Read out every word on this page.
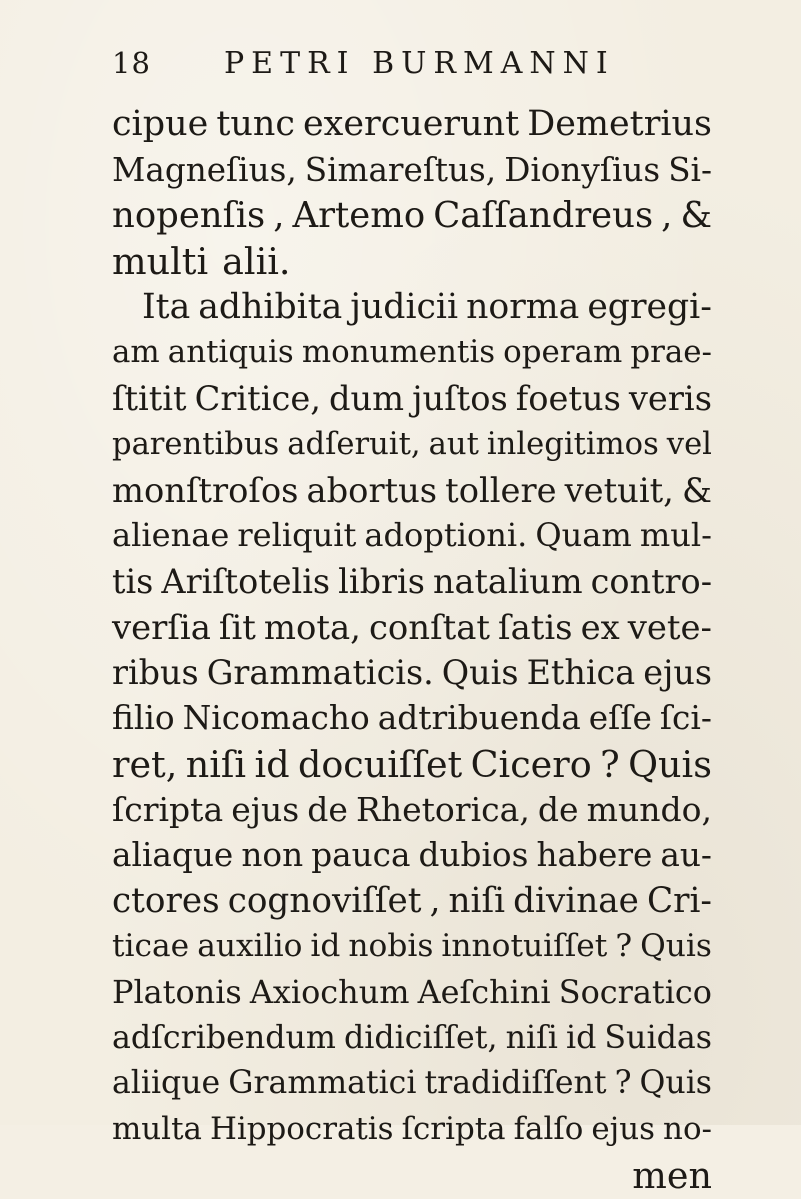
18 PETRI BURMANNI
cipue tunc exercuerunt Demetrius
Magneſius, Simareſtus, Dionyſius Si-
nopenſis , Artemo Caſſandreus , &
multi alii.
Ita adhibita judicii norma egregi-
am antiquis monumentis operam prae-
ſtitit Critice, dum juſtos foetus veris
parentibus adſeruit, aut inlegitimos vel
monſtroſos abortus tollere vetuit, &
alienae reliquit adoptioni. Quam mul-
tis Ariſtotelis libris natalium contro-
verſia ſit mota, conſtat ſatis ex vete-
ribus Grammaticis. Quis Ethica ejus
filio Nicomacho adtribuenda eſſe ſci-
ret, niſi id docuiſſet Cicero ? Quis
ſcripta ejus de Rhetorica, de mundo,
aliaque non pauca dubios habere au-
ctores cognoviſſet , niſi divinae Cri-
ticae auxilio id nobis innotuiſſet ? Quis
Platonis Axiochum Aeſchini Socratico
adſcribendum didiciſſet, niſi id Suidas
aliique Grammatici tradidiſſent ? Quis
multa Hippocratis ſcripta falſo ejus no-
men
